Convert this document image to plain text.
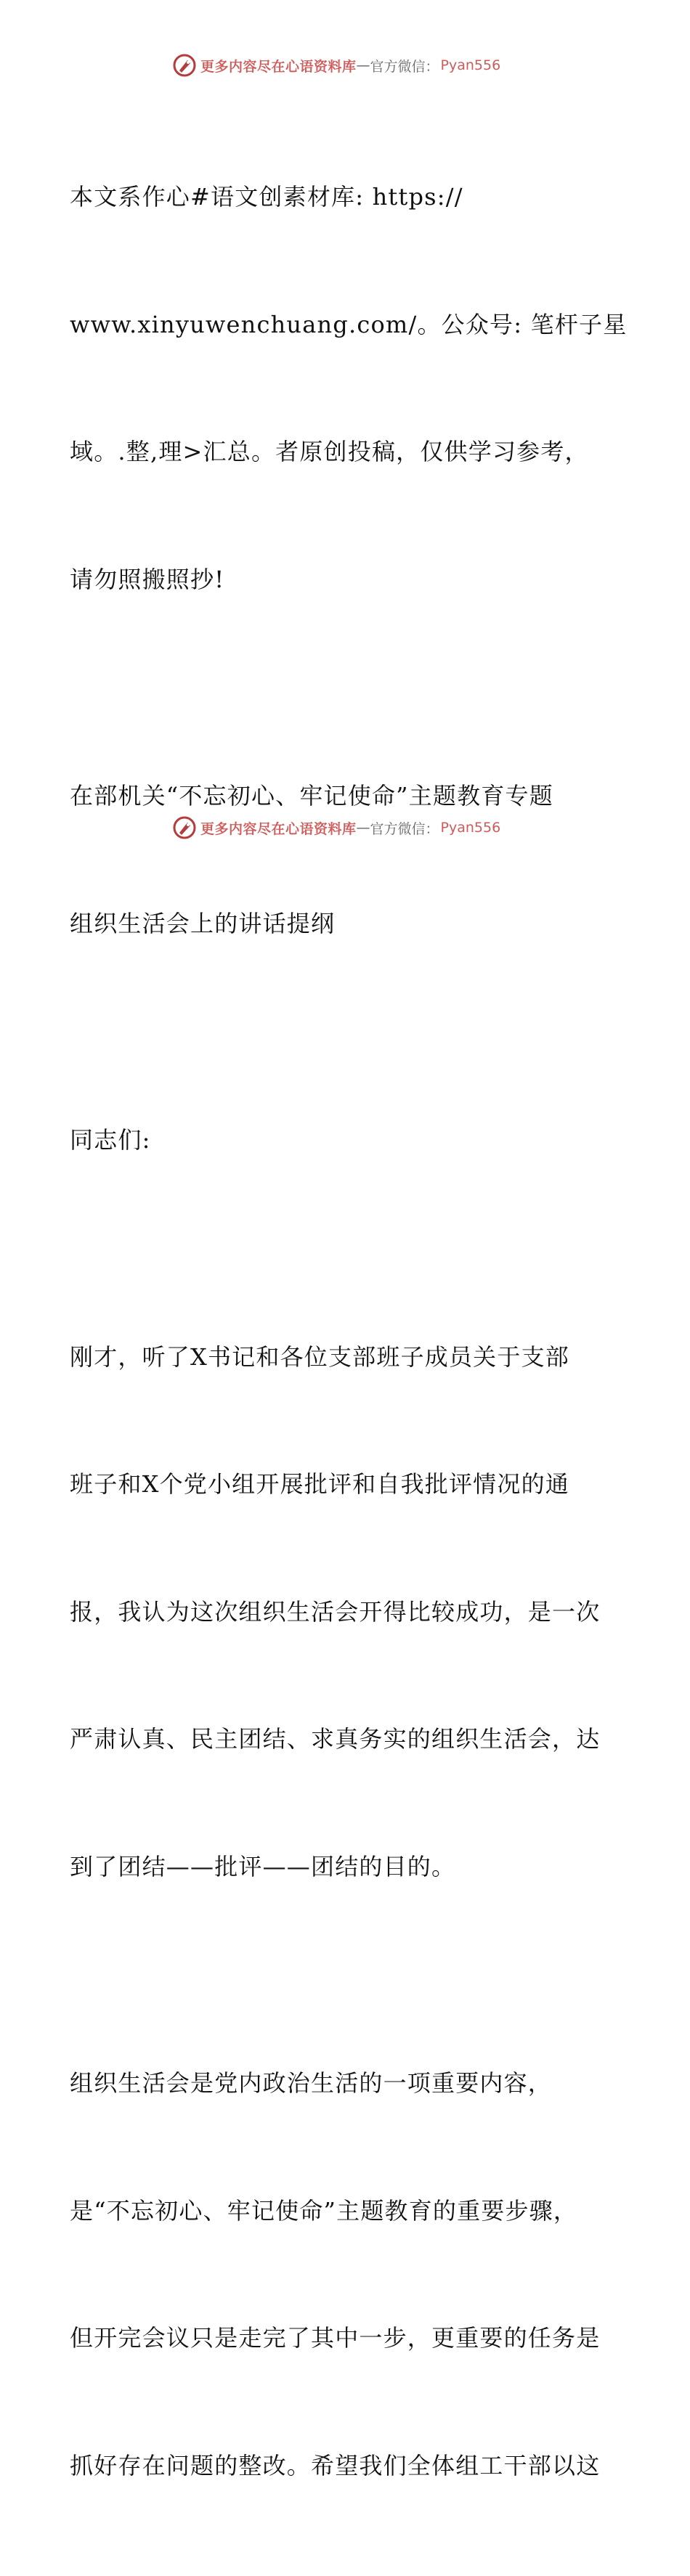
更多内容尽在心语资料库 — 官方微信： Pyan556

本文系作心#语文创素材库: https://

www.xinyuwenchuang.com/。公众号: 笔杆子星

域。.整,理>汇总。者原创投稿，仅供学习参考，

请勿照搬照抄!

在部机关“不忘初心、牢记使命”主题教育专题

组织生活会上的讲话提纲

同志们:

刚才，听了X书记和各位支部班子成员关于支部

班子和X个党小组开展批评和自我批评情况的通

报，我认为这次组织生活会开得比较成功，是一次

严肃认真、民主团结、求真务实的组织生活会，达

到了团结——批评——团结的目的。

组织生活会是党内政治生活的一项重要内容，

是“不忘初心、牢记使命”主题教育的重要步骤，

但开完会议只是走完了其中一步，更重要的任务是

抓好存在问题的整改。希望我们全体组工干部以这

更多内容尽在心语资料库 — 官方微信： Pyan556
